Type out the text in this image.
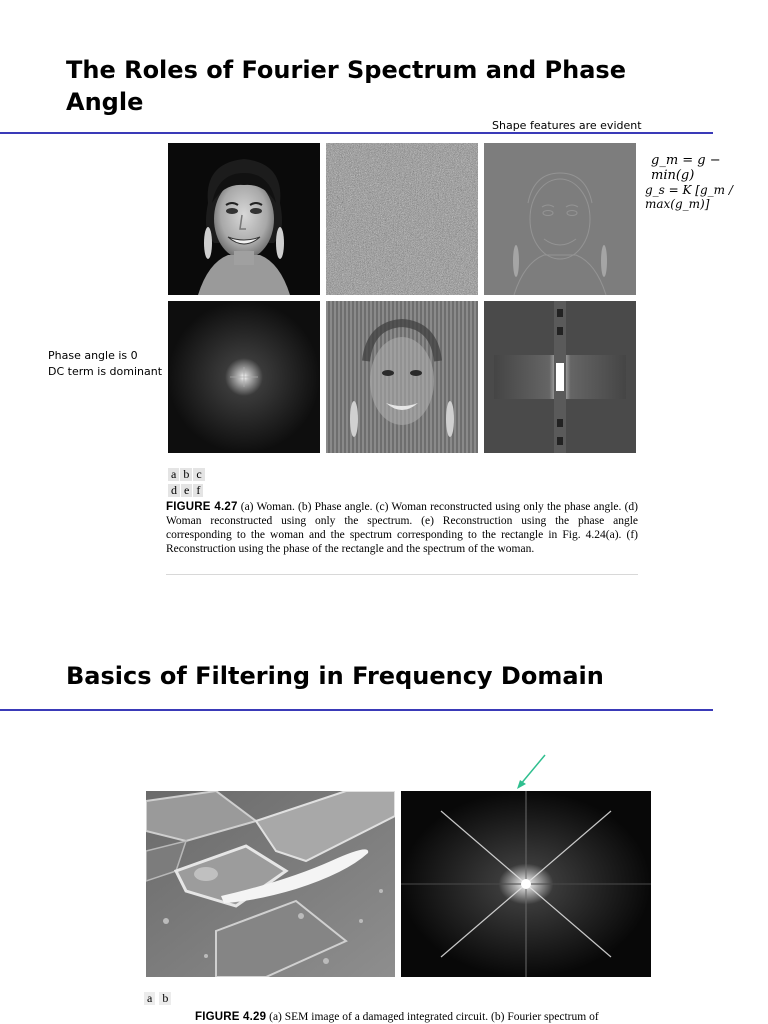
The Roles of Fourier Spectrum and Phase
Angle
Shape features are evident
g_m = g − min(g)
g_s = K [g_m / max(g_m)]
Phase angle is 0
DC term is dominant
a b c
d e f
FIGURE 4.27 (a) Woman. (b) Phase angle. (c) Woman reconstructed using only the phase angle. (d) Woman reconstructed using only the spectrum. (e) Reconstruction using the phase angle corresponding to the woman and the spectrum corresponding to the rectangle in Fig. 4.24(a). (f) Reconstruction using the phase of the rectangle and the spectrum of the woman.
Basics of Filtering in Frequency Domain
a b
FIGURE 4.29 (a) SEM image of a damaged integrated circuit. (b) Fourier spectrum of
